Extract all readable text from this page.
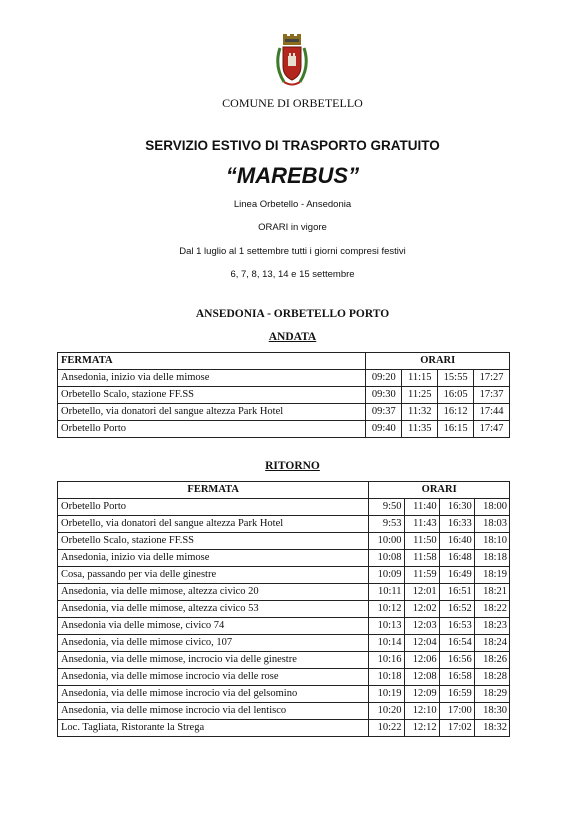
COMUNE DI ORBETELLO
SERVIZIO ESTIVO DI TRASPORTO GRATUITO
“MAREBUS”
Linea Orbetello - Ansedonia
ORARI in vigore
Dal 1 luglio al 1 settembre tutti i giorni compresi festivi
6, 7, 8, 13, 14 e 15 settembre
ANSEDONIA - ORBETELLO PORTO
ANDATA
FERMATA	ORARI			
Ansedonia, inizio via delle mimose	09:20	11:15	15:55	17:27
Orbetello Scalo, stazione FF.SS	09:30	11:25	16:05	17:37
Orbetello, via donatori del sangue altezza Park Hotel	09:37	11:32	16:12	17:44
Orbetello Porto	09:40	11:35	16:15	17:47
RITORNO
FERMATA	ORARI			
Orbetello Porto	9:50	11:40	16:30	18:00
Orbetello, via donatori del sangue altezza Park Hotel	9:53	11:43	16:33	18:03
Orbetello Scalo, stazione FF.SS	10:00	11:50	16:40	18:10
Ansedonia, inizio via delle mimose	10:08	11:58	16:48	18:18
Cosa, passando per via delle ginestre	10:09	11:59	16:49	18:19
Ansedonia, via delle mimose, altezza civico 20	10:11	12:01	16:51	18:21
Ansedonia, via delle mimose, altezza civico 53	10:12	12:02	16:52	18:22
Ansedonia via delle mimose, civico 74	10:13	12:03	16:53	18:23
Ansedonia, via delle mimose civico, 107	10:14	12:04	16:54	18:24
Ansedonia, via delle mimose, incrocio via delle ginestre	10:16	12:06	16:56	18:26
Ansedonia, via delle mimose incrocio via delle rose	10:18	12:08	16:58	18:28
Ansedonia, via delle mimose incrocio via del gelsomino	10:19	12:09	16:59	18:29
Ansedonia, via delle mimose incrocio via del lentisco	10:20	12:10	17:00	18:30
Loc. Tagliata, Ristorante la Strega	10:22	12:12	17:02	18:32
